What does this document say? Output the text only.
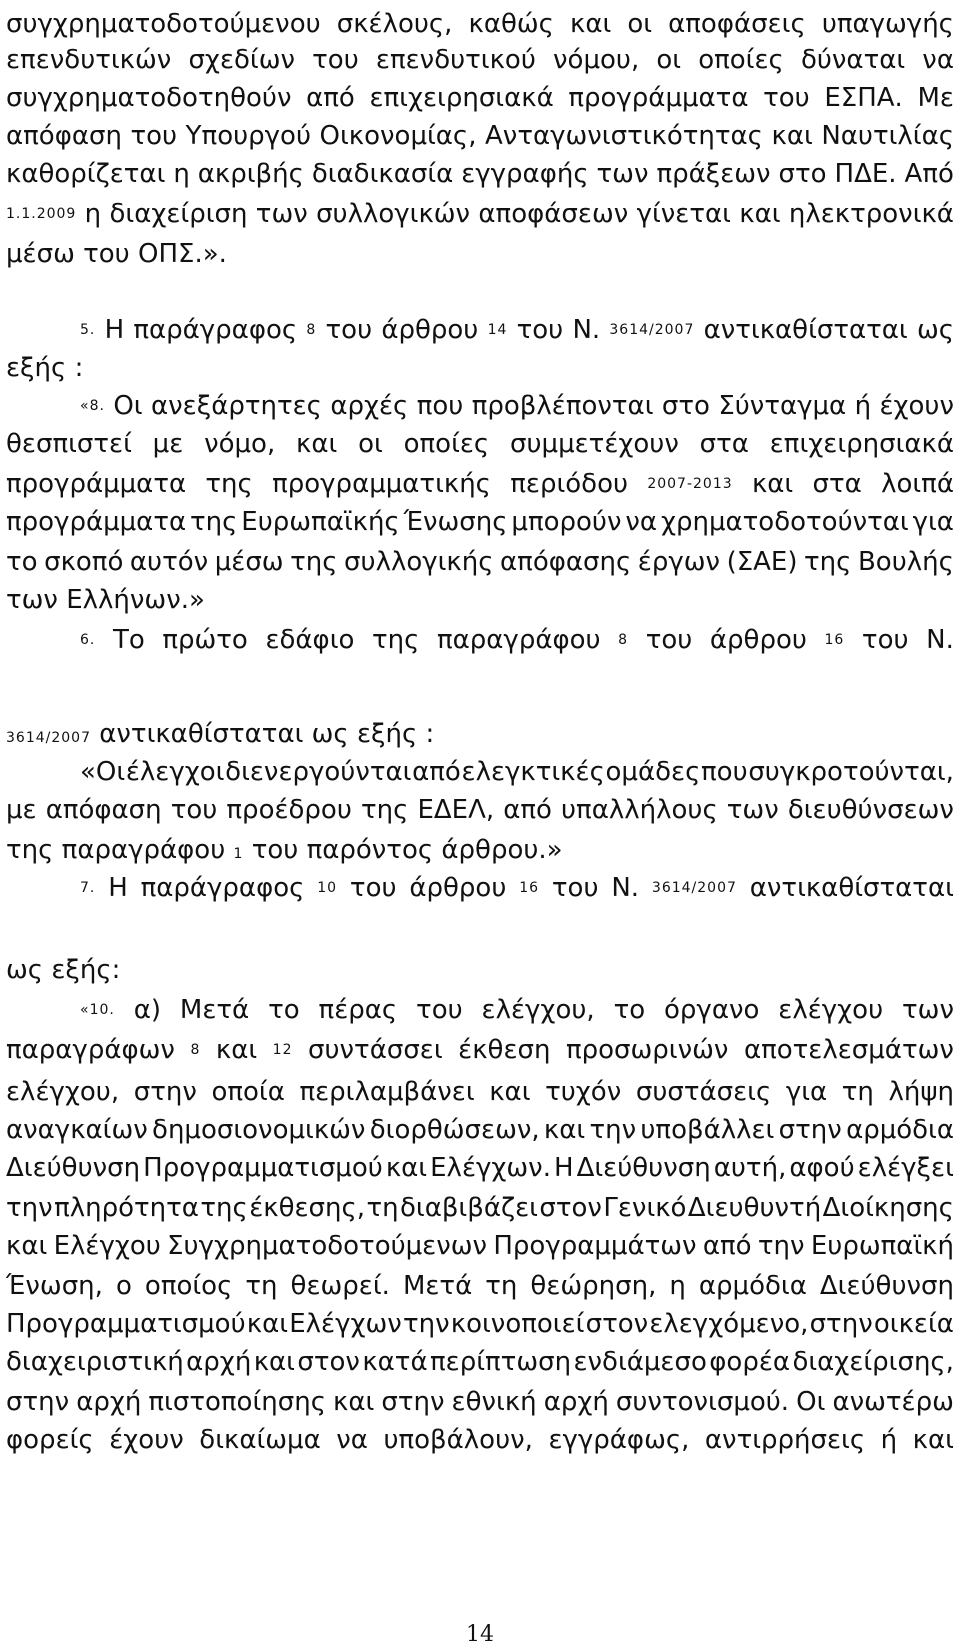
συγχρηματοδοτούμενου σκέλους, καθώς και οι αποφάσεις υπαγωγής
επενδυτικών σχεδίων του επενδυτικού νόμου, οι οποίες δύναται να
συγχρηματοδοτηθούν από επιχειρησιακά προγράμματα του ΕΣΠΑ. Με
απόφαση του Υπουργού Οικονομίας, Ανταγωνιστικότητας και Ναυτιλίας
καθορίζεται η ακριβής διαδικασία εγγραφής των πράξεων στο ΠΔΕ. Από
1.1.2009 η διαχείριση των συλλογικών αποφάσεων γίνεται και ηλεκτρονικά
μέσω του ΟΠΣ.».
5. Η παράγραφος 8 του άρθρου 14 του Ν. 3614/2007 αντικαθίσταται ως
εξής :
«8. Οι ανεξάρτητες αρχές που προβλέπονται στο Σύνταγμα ή έχουν
θεσπιστεί με νόμο, και οι οποίες συμμετέχουν στα επιχειρησιακά
προγράμματα της προγραμματικής περιόδου 2007-2013 και στα λοιπά
προγράμματα της Ευρωπαϊκής Ένωσης μπορούν να χρηματοδοτούνται για
το σκοπό αυτόν μέσω της συλλογικής απόφασης έργων (ΣΑΕ) της Βουλής
των Ελλήνων.»
6. Το πρώτο εδάφιο της παραγράφου 8 του άρθρου 16 του Ν.
3614/2007 αντικαθίσταται ως εξής :
«Οι έλεγχοι διενεργούνται από ελεγκτικές ομάδες που συγκροτούνται,
με απόφαση του προέδρου της ΕΔΕΛ, από υπαλλήλους των διευθύνσεων
της παραγράφου 1 του παρόντος άρθρου.»
7. Η παράγραφος 10 του άρθρου 16 του Ν. 3614/2007 αντικαθίσταται
ως εξής:
«10. α) Μετά το πέρας του ελέγχου, το όργανο ελέγχου των
παραγράφων 8 και 12 συντάσσει έκθεση προσωρινών αποτελεσμάτων
ελέγχου, στην οποία περιλαμβάνει και τυχόν συστάσεις για τη λήψη
αναγκαίων δημοσιονομικών διορθώσεων, και την υποβάλλει στην αρμόδια
Διεύθυνση Προγραμματισμού και Ελέγχων. Η Διεύθυνση αυτή, αφού ελέγξει
την πληρότητα της έκθεσης, τη διαβιβάζει στον Γενικό Διευθυντή Διοίκησης
και Ελέγχου Συγχρηματοδοτούμενων Προγραμμάτων από την Ευρωπαϊκή
Ένωση, ο οποίος τη θεωρεί. Μετά τη θεώρηση, η αρμόδια Διεύθυνση
Προγραμματισμού και Ελέγχων την κοινοποιεί στον ελεγχόμενο, στην οικεία
διαχειριστική αρχή και στον κατά περίπτωση ενδιάμεσο φορέα διαχείρισης,
στην αρχή πιστοποίησης και στην εθνική αρχή συντονισμού. Οι ανωτέρω
φορείς έχουν δικαίωμα να υποβάλουν, εγγράφως, αντιρρήσεις ή και
14
